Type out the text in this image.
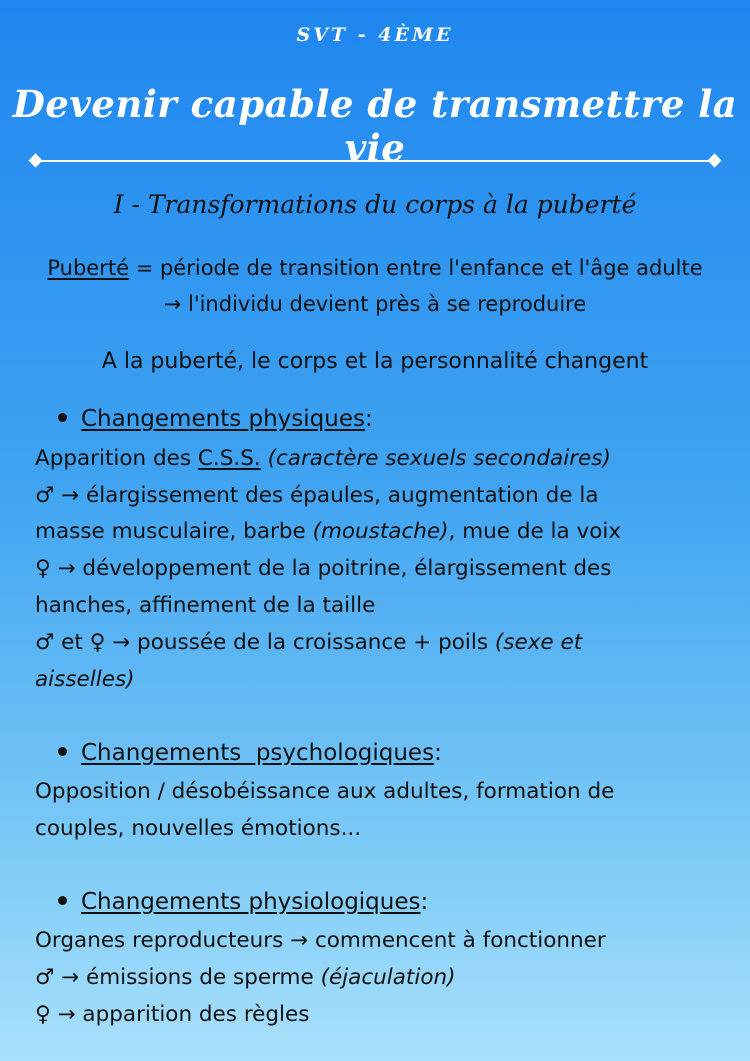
SVT - 4ÈME
Devenir capable de transmettre la vie
I - Transformations du corps à la puberté
Puberté = période de transition entre l'enfance et l'âge adulte
→ l'individu devient près à se reproduire
A la puberté, le corps et la personnalité changent
Changements physiques:
Apparition des C.S.S. (caractère sexuels secondaires)
♂ → élargissement des épaules, augmentation de la
masse musculaire, barbe (moustache), mue de la voix
♀ → développement de la poitrine, élargissement des
hanches, affinement de la taille
♂ et ♀ → poussée de la croissance + poils (sexe et
aisselles)
Changements  psychologiques:
Opposition / désobéissance aux adultes, formation de
couples, nouvelles émotions...
Changements physiologiques:
Organes reproducteurs → commencent à fonctionner
♂ → émissions de sperme (éjaculation)
♀ → apparition des règles
